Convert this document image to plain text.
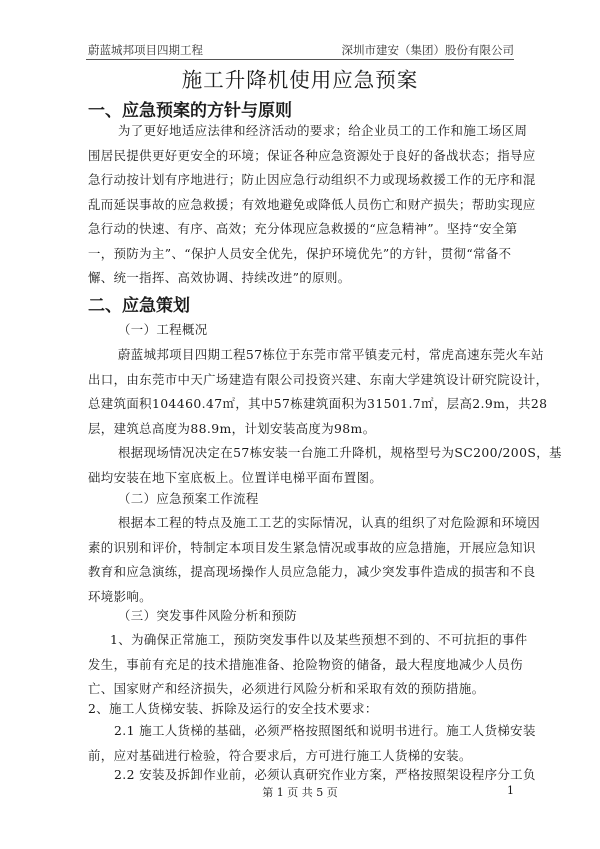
蔚蓝城邦项目四期工程	深圳市建安（集团）股份有限公司
施工升降机使用应急预案
一、应急预案的方针与原则
为了更好地适应法律和经济活动的要求；给企业员工的工作和施工场区周
围居民提供更好更安全的环境；保证各种应急资源处于良好的备战状态；指导应
急行动按计划有序地进行；防止因应急行动组织不力或现场救援工作的无序和混
乱而延误事故的应急救援；有效地避免或降低人员伤亡和财产损失；帮助实现应
急行动的快速、有序、高效；充分体现应急救援的“应急精神”。坚持“安全第
一，预防为主”、“保护人员安全优先，保护环境优先”的方针，贯彻“常备不
懈、统一指挥、高效协调、持续改进”的原则。
二、应急策划
（一）工程概况
蔚蓝城邦项目四期工程57栋位于东莞市常平镇麦元村，常虎高速东莞火车站
出口，由东莞市中天广场建造有限公司投资兴建、东南大学建筑设计研究院设计，
总建筑面积104460.47㎡，其中57栋建筑面积为31501.7㎡，层高2.9m，共28
层，建筑总高度为88.9m，计划安装高度为98m。
根据现场情况决定在57栋安装一台施工升降机，规格型号为SC200/200S，基
础均安装在地下室底板上。位置详电梯平面布置图。
（二）应急预案工作流程
根据本工程的特点及施工工艺的实际情况，认真的组织了对危险源和环境因
素的识别和评价，特制定本项目发生紧急情况或事故的应急措施，开展应急知识
教育和应急演练，提高现场操作人员应急能力，减少突发事件造成的损害和不良
环境影响。
（三）突发事件风险分析和预防
1、为确保正常施工，预防突发事件以及某些预想不到的、不可抗拒的事件
发生，事前有充足的技术措施准备、抢险物资的储备，最大程度地减少人员伤
亡、国家财产和经济损失，必须进行风险分析和采取有效的预防措施。
2、施工人货梯安装、拆除及运行的安全技术要求：
2.1 施工人货梯的基础，必须严格按照图纸和说明书进行。施工人货梯安装
前，应对基础进行检验，符合要求后，方可进行施工人货梯的安装。
2.2 安装及拆卸作业前，必须认真研究作业方案，严格按照架设程序分工负
第 1 页 共 5 页	1
